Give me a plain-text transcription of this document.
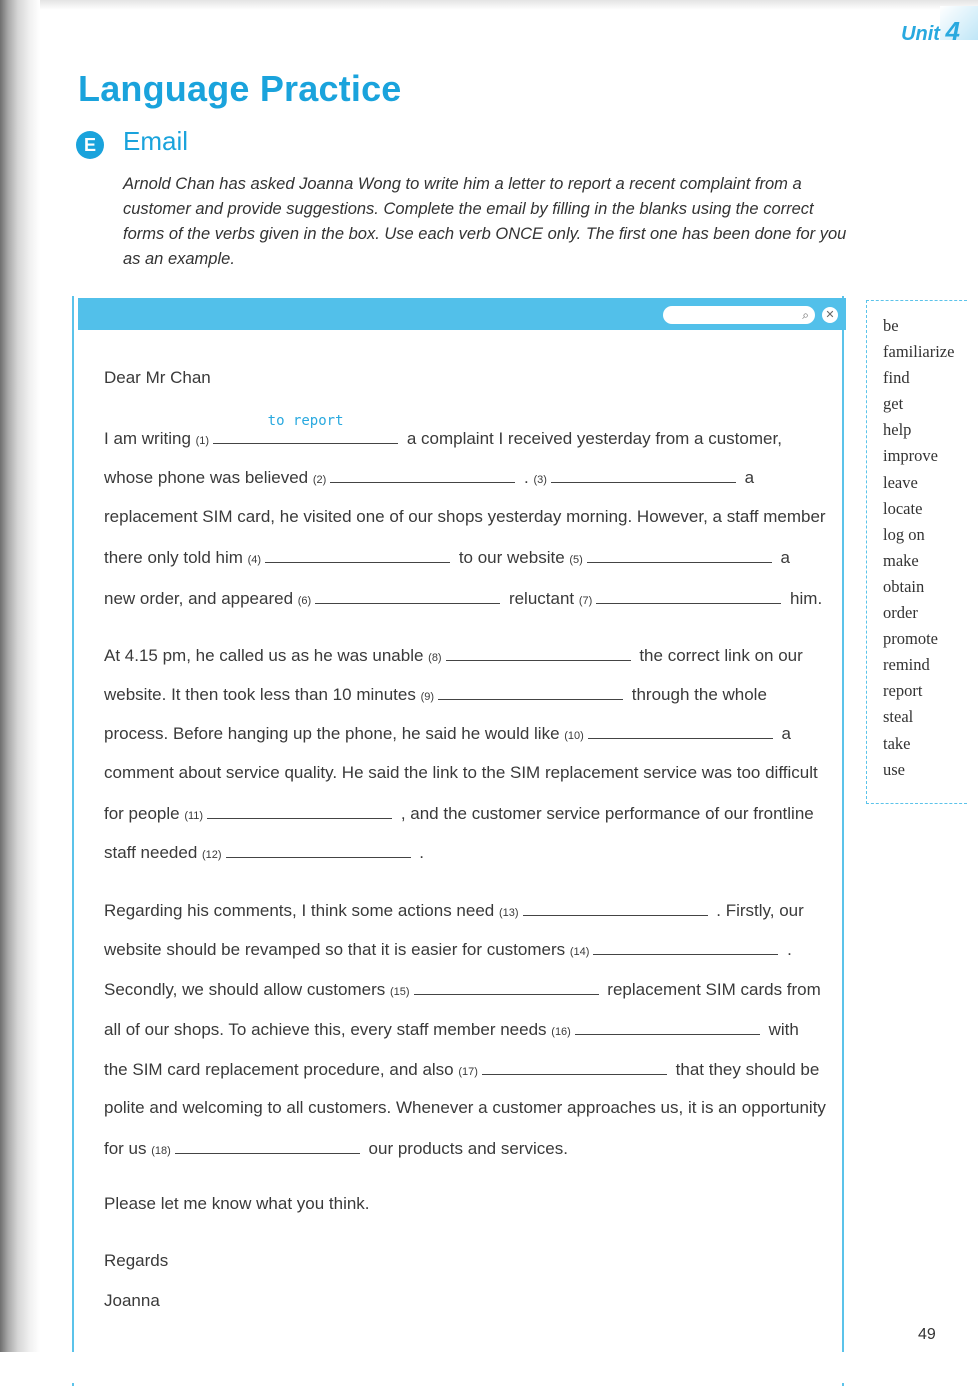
Unit 4
Language Practice
E	Email
Arnold Chan has asked Joanna Wong to write him a letter to report a recent complaint from a customer and provide suggestions. Complete the email by filling in the blanks using the correct forms of the verbs given in the box. Use each verb ONCE only. The first one has been done for you as an example.
⌕	✕
Dear Mr Chan
I am writing (1)
to report
a complaint I received yesterday from a customer,
whose phone was believed (2)	. (3)	a
replacement SIM card, he visited one of our shops yesterday morning. However, a staff member
there only told him (4)	to our website (5)	a
new order, and appeared (6)	reluctant (7)	him.
At 4.15 pm, he called us as he was unable (8)	the correct link on our
website. It then took less than 10 minutes (9)	through the whole
process. Before hanging up the phone, he said he would like (10)	a
comment about service quality. He said the link to the SIM replacement service was too difficult
for people (11)	, and the customer service performance of our frontline
staff needed (12)	.
Regarding his comments, I think some actions need (13)	. Firstly, our
website should be revamped so that it is easier for customers (14)	.
Secondly, we should allow customers (15)	replacement SIM cards from
all of our shops. To achieve this, every staff member needs (16)	with
the SIM card replacement procedure, and also (17)	that they should be
polite and welcoming to all customers. Whenever a customer approaches us, it is an opportunity
for us (18)	our products and services.
Please let me know what you think.
Regards
Joanna
be
familiarize
find
get
help
improve
leave
locate
log on
make
obtain
order
promote
remind
report
steal
take
use
49
